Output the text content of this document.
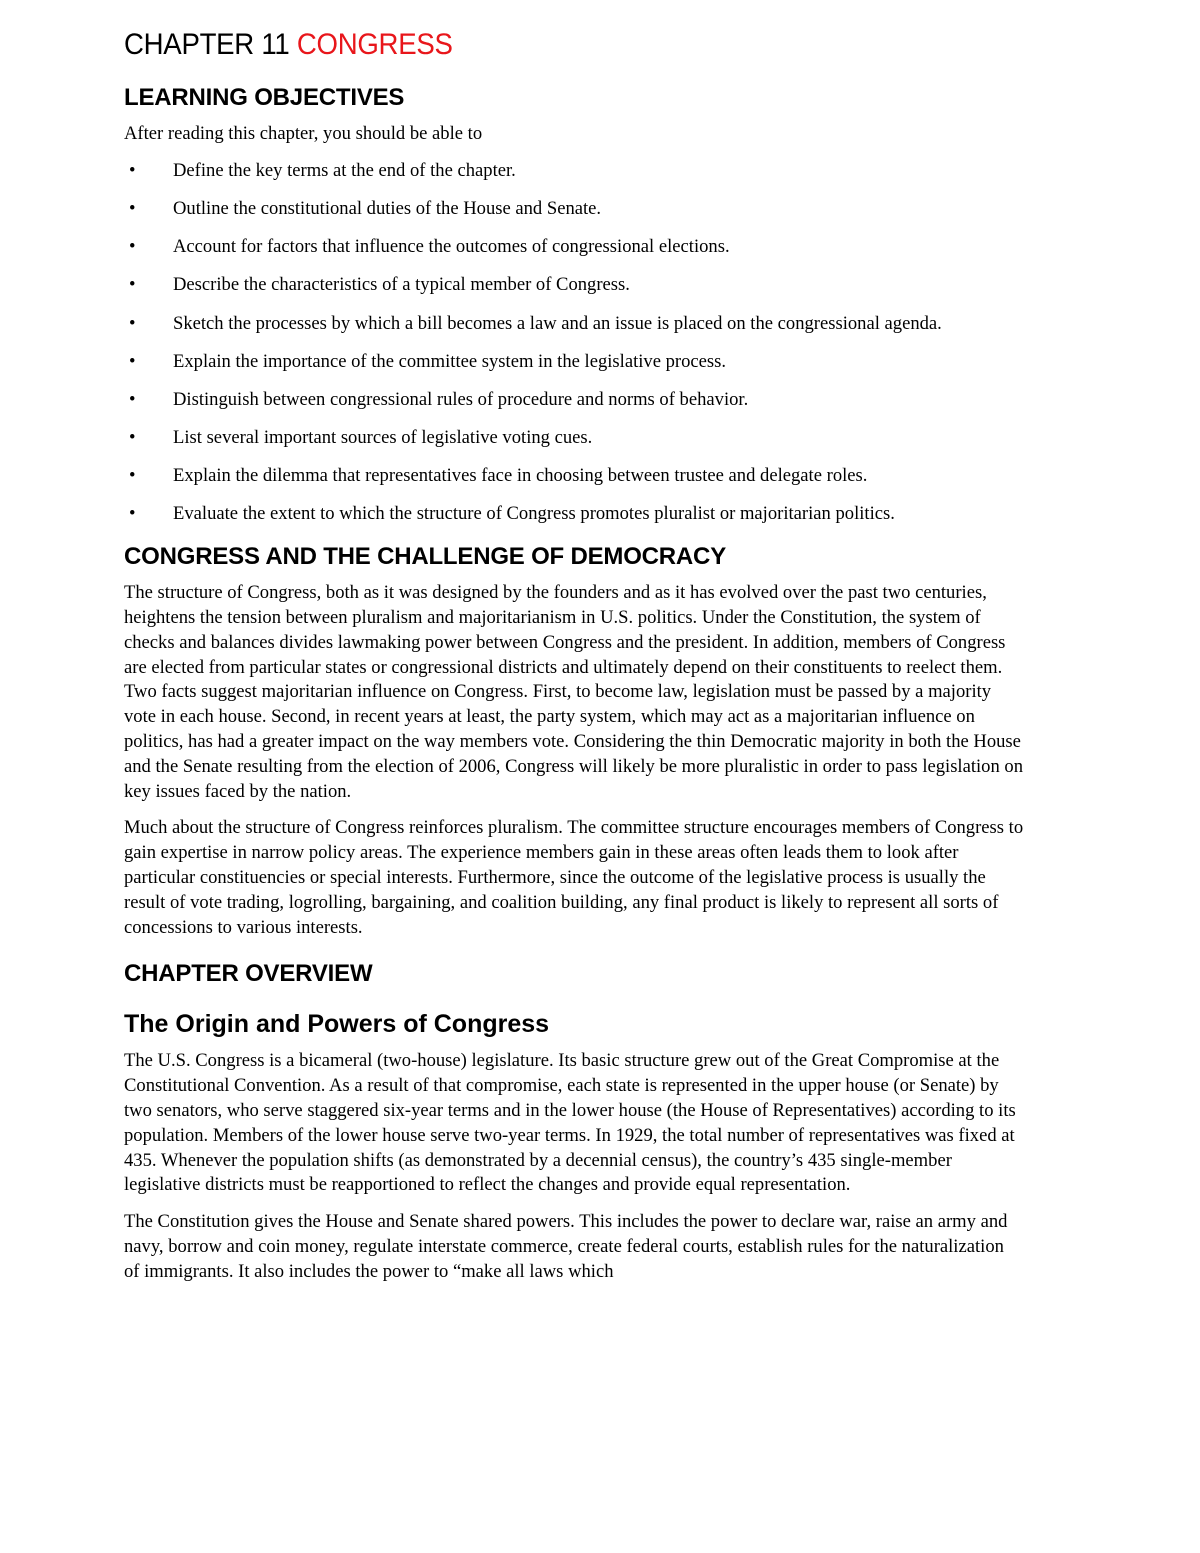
CHAPTER 11 CONGRESS
LEARNING OBJECTIVES

After reading this chapter, you should be able to

• Define the key terms at the end of the chapter.
• Outline the constitutional duties of the House and Senate.
• Account for factors that influence the outcomes of congressional elections.
• Describe the characteristics of a typical member of Congress.
• Sketch the processes by which a bill becomes a law and an issue is placed on the congressional agenda.
• Explain the importance of the committee system in the legislative process.
• Distinguish between congressional rules of procedure and norms of behavior.
• List several important sources of legislative voting cues.
• Explain the dilemma that representatives face in choosing between trustee and delegate roles.
• Evaluate the extent to which the structure of Congress promotes pluralist or majoritarian politics.
CONGRESS AND THE CHALLENGE OF DEMOCRACY

The structure of Congress, both as it was designed by the founders and as it has evolved over the past two centuries, heightens the tension between pluralism and majoritarianism in U.S. politics. Under the Constitution, the system of checks and balances divides lawmaking power between Congress and the president. In addition, members of Congress are elected from particular states or congressional districts and ultimately depend on their constituents to reelect them. Two facts suggest majoritarian influence on Congress. First, to become law, legislation must be passed by a majority vote in each house. Second, in recent years at least, the party system, which may act as a majoritarian influence on politics, has had a greater impact on the way members vote. Considering the thin Democratic majority in both the House and the Senate resulting from the election of 2006, Congress will likely be more pluralistic in order to pass legislation on key issues faced by the nation.

Much about the structure of Congress reinforces pluralism. The committee structure encourages members of Congress to gain expertise in narrow policy areas. The experience members gain in these areas often leads them to look after particular constituencies or special interests. Furthermore, since the outcome of the legislative process is usually the result of vote trading, logrolling, bargaining, and coalition building, any final product is likely to represent all sorts of concessions to various interests.

CHAPTER OVERVIEW
The Origin and Powers of Congress

The U.S. Congress is a bicameral (two-house) legislature. Its basic structure grew out of the Great Compromise at the Constitutional Convention. As a result of that compromise, each state is represented in the upper house (or Senate) by two senators, who serve staggered six-year terms and in the lower house (the House of Representatives) according to its population. Members of the lower house serve two-year terms. In 1929, the total number of representatives was fixed at 435. Whenever the population shifts (as demonstrated by a decennial census), the country’s 435 single-member legislative districts must be reapportioned to reflect the changes and provide equal representation.

The Constitution gives the House and Senate shared powers. This includes the power to declare war, raise an army and navy, borrow and coin money, regulate interstate commerce, create federal courts, establish rules for the naturalization of immigrants. It also includes the power to “make all laws which
